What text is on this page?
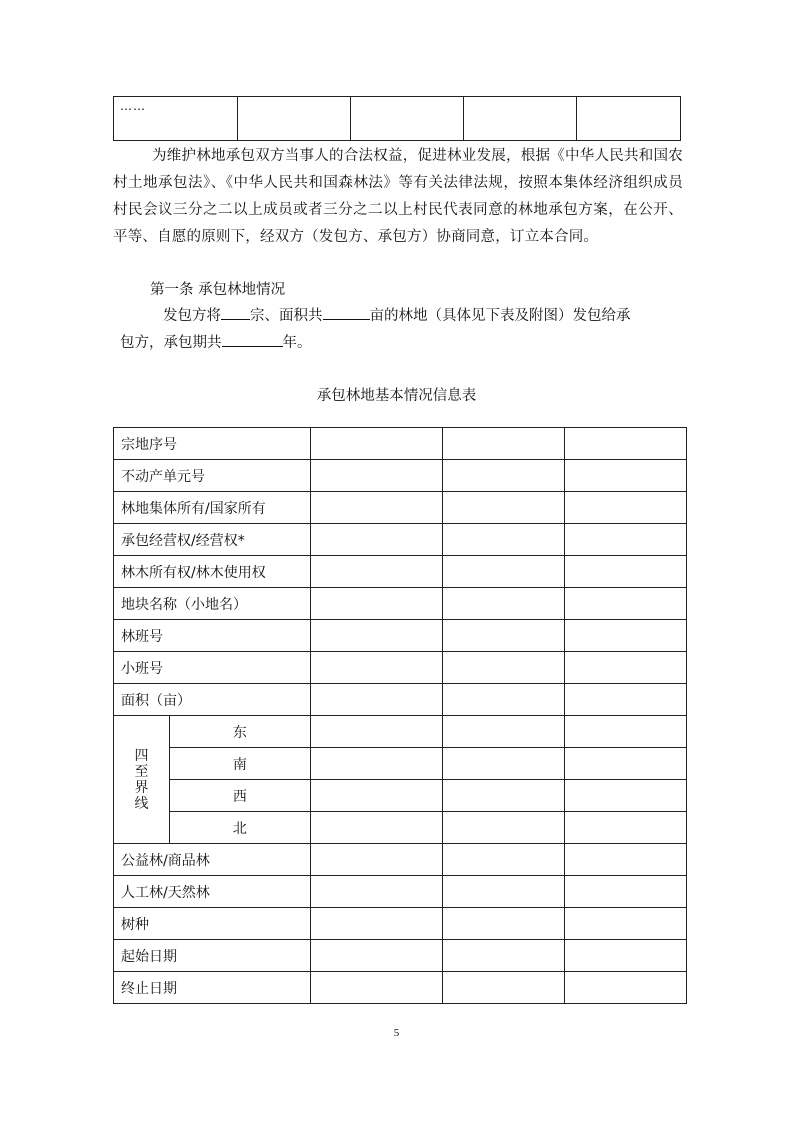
……				

为维护林地承包双方当事人的合法权益，促进林业发展，根据《中华人民共和国农村土地承包法》、《中华人民共和国森林法》等有关法律法规，按照本集体经济组织成员村民会议三分之二以上成员或者三分之二以上村民代表同意的林地承包方案，在公开、平等、自愿的原则下，经双方（发包方、承包方）协商同意，订立本合同。

第一条 承包林地情况

发包方将 宗、面积共	亩的林地（具体见下表及附图）发包给承

包方，承包期共	年。

承包林地基本情况信息表

宗地序号				
不动产单元号				
林地集体所有/国家所有				
承包经营权/经营权*				
林木所有权/林木使用权				
地块名称（小地名）				
林班号				
小班号				
面积（亩）				
四至界线	东			
	南			
	西			
	北			
公益林/商品林				
人工林/天然林				
树种				
起始日期				
终止日期				
5
